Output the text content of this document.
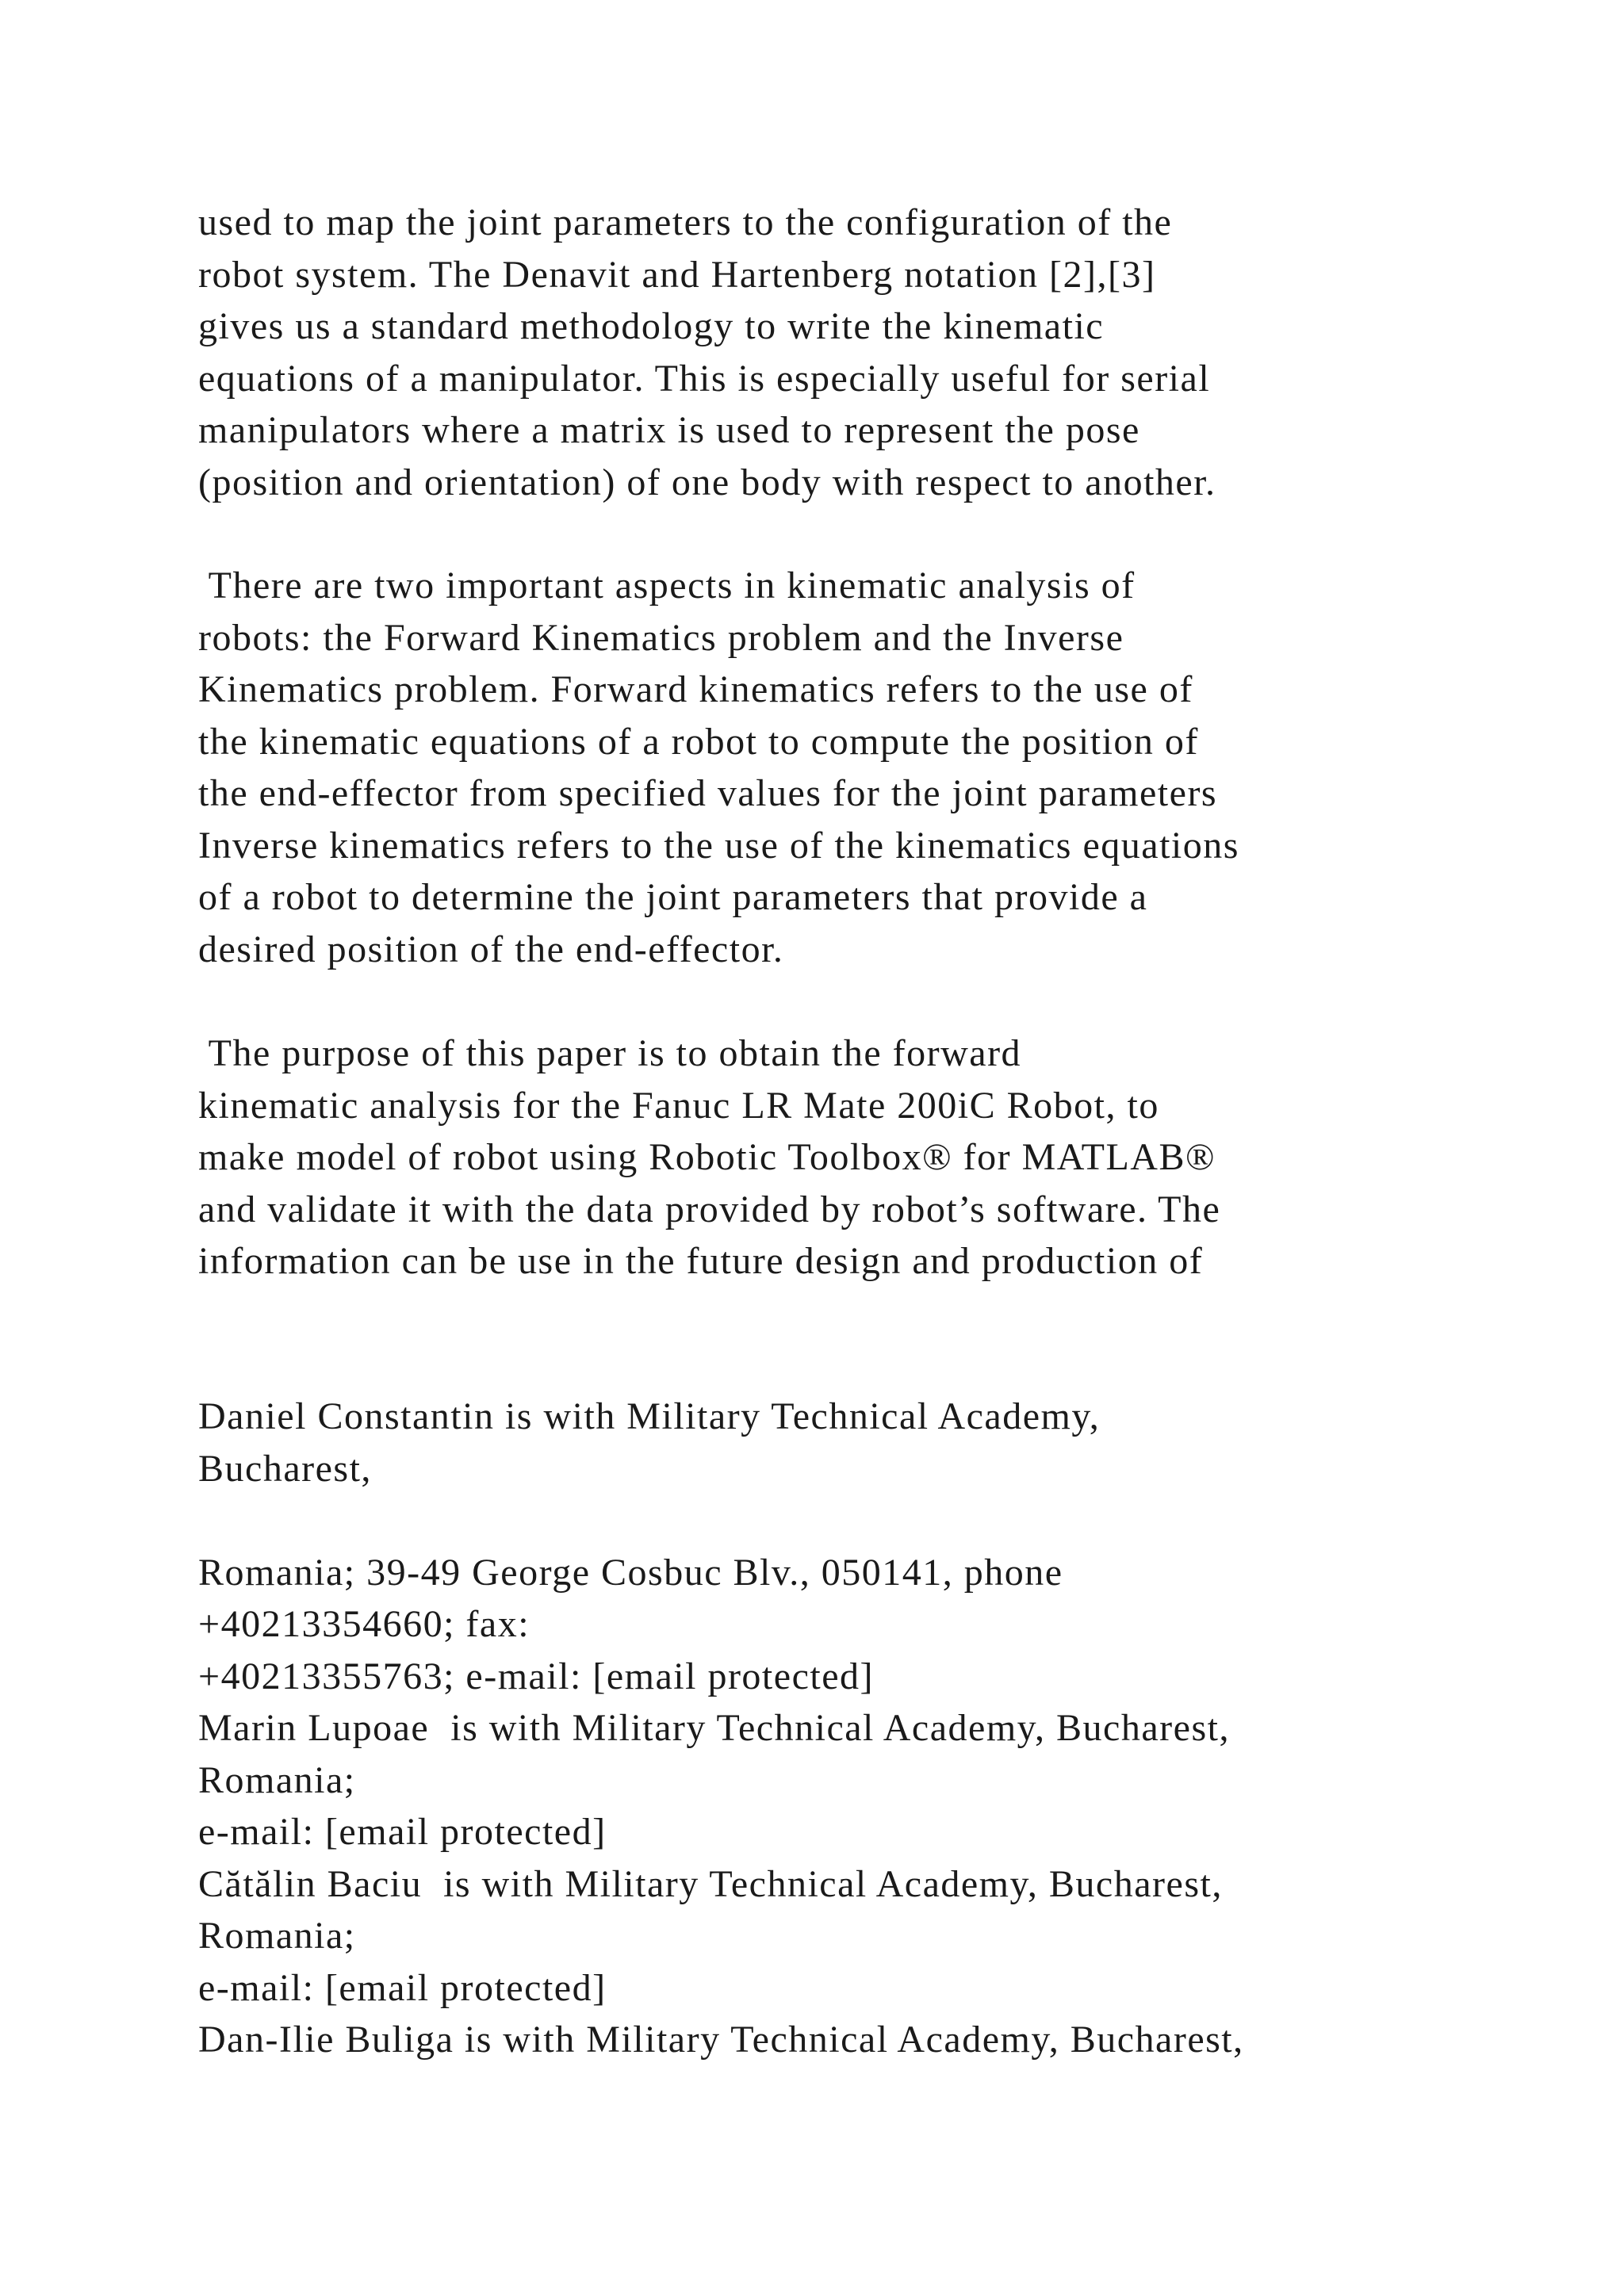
used to map the joint parameters to the configuration of the
robot system. The Denavit and Hartenberg notation [2],[3]
gives us a standard methodology to write the kinematic
equations of a manipulator. This is especially useful for serial
manipulators where a matrix is used to represent the pose
(position and orientation) of one body with respect to another.

There are two important aspects in kinematic analysis of
robots: the Forward Kinematics problem and the Inverse
Kinematics problem. Forward kinematics refers to the use of
the kinematic equations of a robot to compute the position of
the end-effector from specified values for the joint parameters
Inverse kinematics refers to the use of the kinematics equations
of a robot to determine the joint parameters that provide a
desired position of the end-effector.

The purpose of this paper is to obtain the forward
kinematic analysis for the Fanuc LR Mate 200iC Robot, to
make model of robot using Robotic Toolbox® for MATLAB®
and validate it with the data provided by robot’s software. The
information can be use in the future design and production of

Daniel Constantin is with Military Technical Academy,
Bucharest,

Romania; 39-49 George Cosbuc Blv., 050141, phone
+40213354660; fax:
+40213355763; e-mail: [email protected]
Marin Lupoae  is with Military Technical Academy, Bucharest,
Romania;
e-mail: [email protected]
Cătălin Baciu  is with Military Technical Academy, Bucharest,
Romania;
e-mail: [email protected]
Dan-Ilie Buliga is with Military Technical Academy, Bucharest,
